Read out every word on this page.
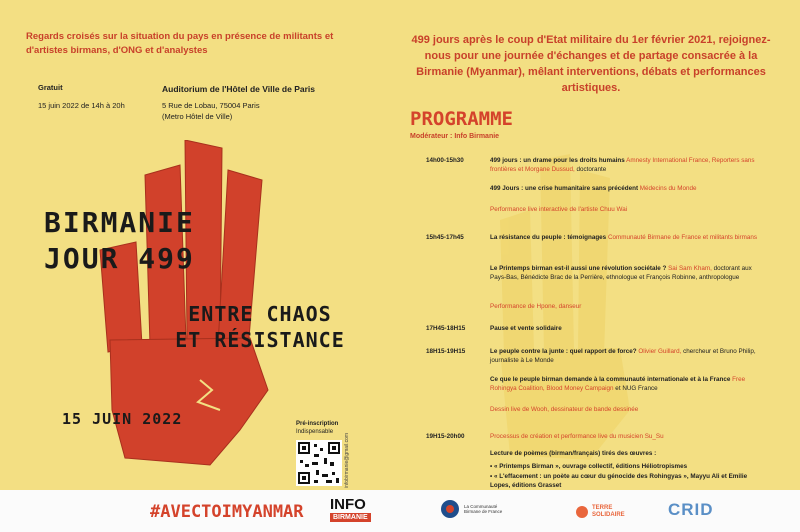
Regards croisés sur la situation du pays en présence de militants et d'artistes birmans, d'ONG et d'analystes
Gratuit
15 juin 2022 de 14h à 20h
Auditorium de l'Hôtel de Ville de Paris
5 Rue de Lobau, 75004 Paris
(Metro Hôtel de Ville)
BIRMANIE
JOUR 499
ENTRE CHAOS
ET RÉSISTANCE
15 JUIN 2022	Pré-inscription
Indispensable
infobirmanie@gmail.com
499 jours après le coup d'Etat militaire du 1er février 2021, rejoignez-nous pour une journée d'échanges et de partage consacrée à la Birmanie (Myanmar), mêlant interventions, débats et performances artistiques.
PROGRAMME
Modérateur : Info Birmanie
14h00-15h30	499 jours : un drame pour les droits humains Amnesty International France, Reporters sans frontières et Morgane Dussud, doctorante
499 Jours : une crise humanitaire sans précédent Médecins du Monde
Performance live interactive de l'artiste Chuu Wai
15h45-17h45	La résistance du peuple : témoignages Communauté Birmane de France et militants birmans
Le Printemps birman est-il aussi une révolution sociétale ? Sai Sam Kham, doctorant aux Pays-Bas, Bénédicte Brac de la Perrière, ethnologue et François Robinne, anthropologue
Performance de Hpone, danseur
17H45-18H15	Pause et vente solidaire
18H15-19H15	Le peuple contre la junte : quel rapport de force? Olivier Guillard, chercheur et Bruno Philip, journaliste à Le Monde
Ce que le peuple birman demande à la communauté internationale et à la France Free Rohingya Coalition, Blood Money Campaign et NUG France
Dessin live de Wooh, dessinateur de bande dessinée
19H15-20h00	Processus de création et performance live du musicien Su_Su
Lecture de poèmes (birman/français) tirés des œuvres :
• « Printemps Birman », ouvrage collectif, éditions Héliotropismes
• « L'effacement : un poète au cœur du génocide des Rohingyas », Mayyu Ali et Emilie Lopes, éditions Grasset
#AVECTOIMYANMAR INFO
BIRMANIE
La Communauté Birmane de France
TERRE SOLIDAIRE	CRID
